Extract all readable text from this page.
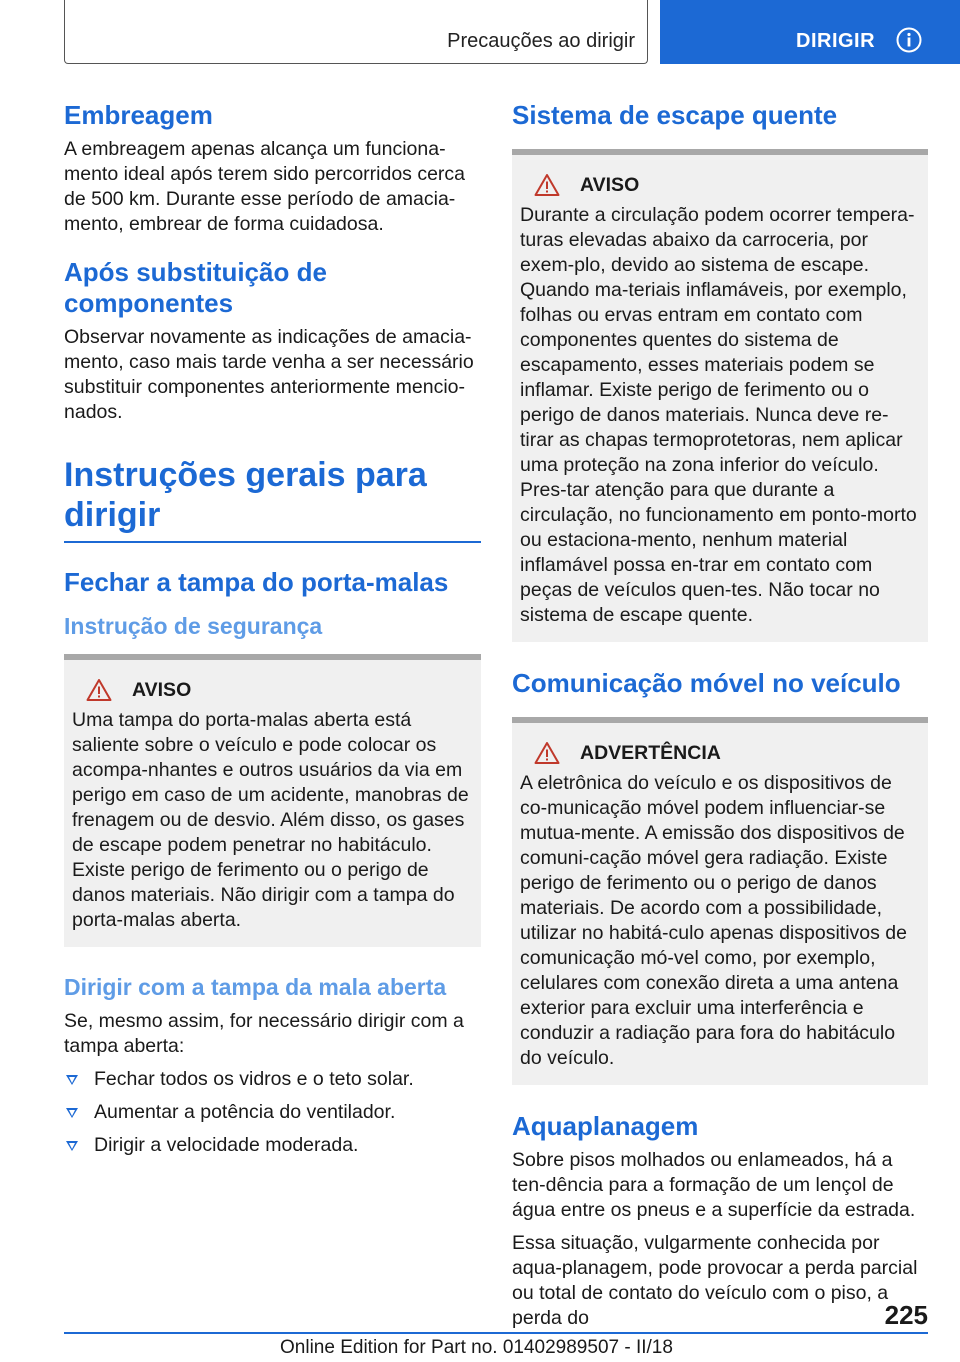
Precauções ao dirigir	DIRIGIR
Embreagem
A embreagem apenas alcança um funciona-mento ideal após terem sido percorridos cerca de 500 km. Durante esse período de amacia-mento, embrear de forma cuidadosa.
Após substituição de componentes
Observar novamente as indicações de amacia-mento, caso mais tarde venha a ser necessário substituir componentes anteriormente mencio-nados.
Instruções gerais para dirigir
Fechar a tampa do porta-malas
Instrução de segurança
AVISO
Uma tampa do porta-malas aberta está saliente sobre o veículo e pode colocar os acompa-nhantes e outros usuários da via em perigo em caso de um acidente, manobras de frenagem ou de desvio. Além disso, os gases de escape podem penetrar no habitáculo. Existe perigo de ferimento ou o perigo de danos materiais. Não dirigir com a tampa do porta-malas aberta.
Dirigir com a tampa da mala aberta
Se, mesmo assim, for necessário dirigir com a tampa aberta:
Fechar todos os vidros e o teto solar.
Aumentar a potência do ventilador.
Dirigir a velocidade moderada.
Sistema de escape quente
AVISO
Durante a circulação podem ocorrer tempera-turas elevadas abaixo da carroceria, por exem-plo, devido ao sistema de escape. Quando ma-teriais inflamáveis, por exemplo, folhas ou ervas entram em contato com componentes quentes do sistema de escapamento, esses materiais podem se inflamar. Existe perigo de ferimento ou o perigo de danos materiais. Nunca deve re-tirar as chapas termoprotetoras, nem aplicar uma proteção na zona inferior do veículo. Pres-tar atenção para que durante a circulação, no funcionamento em ponto-morto ou estaciona-mento, nenhum material inflamável possa en-trar em contato com peças de veículos quen-tes. Não tocar no sistema de escape quente.
Comunicação móvel no veículo
ADVERTÊNCIA
A eletrônica do veículo e os dispositivos de co-municação móvel podem influenciar-se mutua-mente. A emissão dos dispositivos de comuni-cação móvel gera radiação. Existe perigo de ferimento ou o perigo de danos materiais. De acordo com a possibilidade, utilizar no habitá-culo apenas dispositivos de comunicação mó-vel como, por exemplo, celulares com conexão direta a uma antena exterior para excluir uma interferência e conduzir a radiação para fora do habitáculo do veículo.
Aquaplanagem
Sobre pisos molhados ou enlameados, há a ten-dência para a formação de um lençol de água entre os pneus e a superfície da estrada.
Essa situação, vulgarmente conhecida por aqua-planagem, pode provocar a perda parcial ou total de contato do veículo com o piso, a perda do	225
Online Edition for Part no. 01402989507 - II/18
